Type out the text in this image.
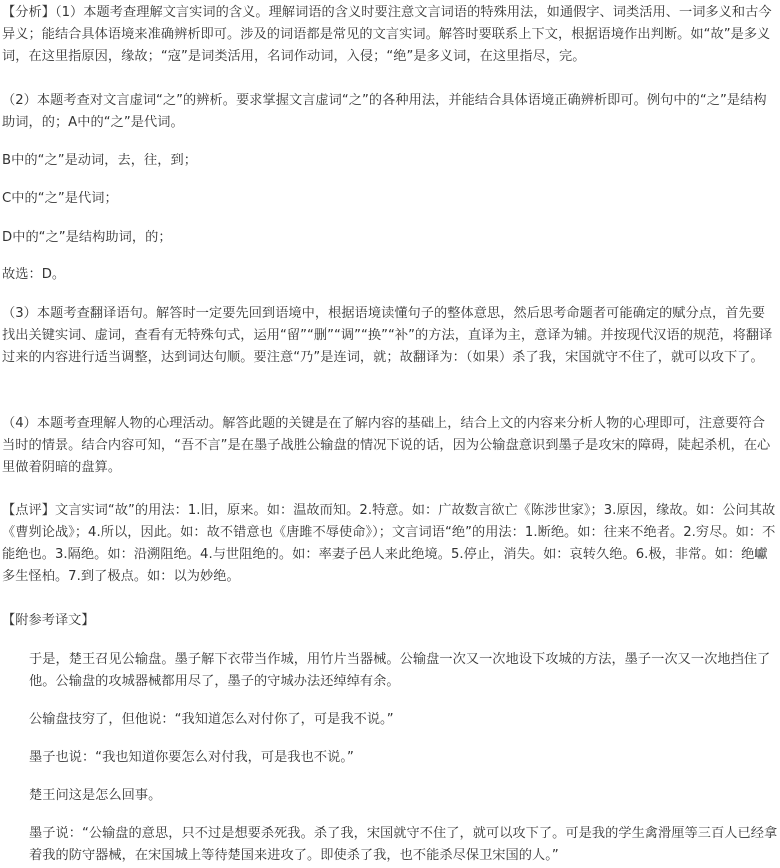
【分析】（1）本题考查理解文言实词的含义。理解词语的含义时要注意文言词语的特殊用法，如通假字、词类活用、一词多义和古今异义；能结合具体语境来准确辨析即可。涉及的词语都是常见的文言实词。解答时要联系上下文，根据语境作出判断。如“故”是多义词，在这里指原因，缘故；“寇”是词类活用，名词作动词，入侵；“绝”是多义词，在这里指尽，完。

（2）本题考查对文言虚词“之”的辨析。要求掌握文言虚词“之”的各种用法，并能结合具体语境正确辨析即可。例句中的“之”是结构助词，的；A中的“之”是代词。

B中的“之”是动词，去，往，到；

C中的“之”是代词；

D中的“之”是结构助词，的；

故选：D。

（3）本题考查翻译语句。解答时一定要先回到语境中，根据语境读懂句子的整体意思，然后思考命题者可能确定的赋分点，首先要找出关键实词、虚词，查看有无特殊句式，运用“留”“删”“调”“换”“补”的方法，直译为主，意译为辅。并按现代汉语的规范，将翻译过来的内容进行适当调整，达到词达句顺。要注意“乃”是连词，就；故翻译为：（如果）杀了我，宋国就守不住了，就可以攻下了。

（4）本题考查理解人物的心理活动。解答此题的关键是在了解内容的基础上，结合上文的内容来分析人物的心理即可，注意要符合当时的情景。结合内容可知，“吾不言”是在墨子战胜公输盘的情况下说的话，因为公输盘意识到墨子是攻宋的障碍，陡起杀机，在心里做着阴暗的盘算。

【点评】文言实词“故”的用法：1.旧，原来。如：温故而知。2.特意。如：广故数言欲亡《陈涉世家》；3.原因，缘故。如：公问其故《曹刿论战》；4.所以，因此。如：故不错意也《唐雎不辱使命》）；文言词语“绝”的用法：1.断绝。如：往来不绝者。2.穷尽。如：不能绝也。3.隔绝。如：沿溯阻绝。4.与世阻绝的。如：率妻子邑人来此绝境。5.停止，消失。如：哀转久绝。6.极，非常。如：绝巘多生怪柏。7.到了极点。如：以为妙绝。

【附参考译文】

于是，楚王召见公输盘。墨子解下衣带当作城，用竹片当器械。公输盘一次又一次地设下攻城的方法，墨子一次又一次地挡住了他。公输盘的攻城器械都用尽了，墨子的守城办法还绰绰有余。

公输盘技穷了，但他说：“我知道怎么对付你了，可是我不说。”

墨子也说：“我也知道你要怎么对付我，可是我也不说。”

楚王问这是怎么回事。

墨子说：“公输盘的意思，只不过是想要杀死我。杀了我，宋国就守不住了，就可以攻下了。可是我的学生禽滑厘等三百人已经拿着我的防守器械，在宋国城上等待楚国来进攻了。即使杀了我，也不能杀尽保卫宋国的人。”
